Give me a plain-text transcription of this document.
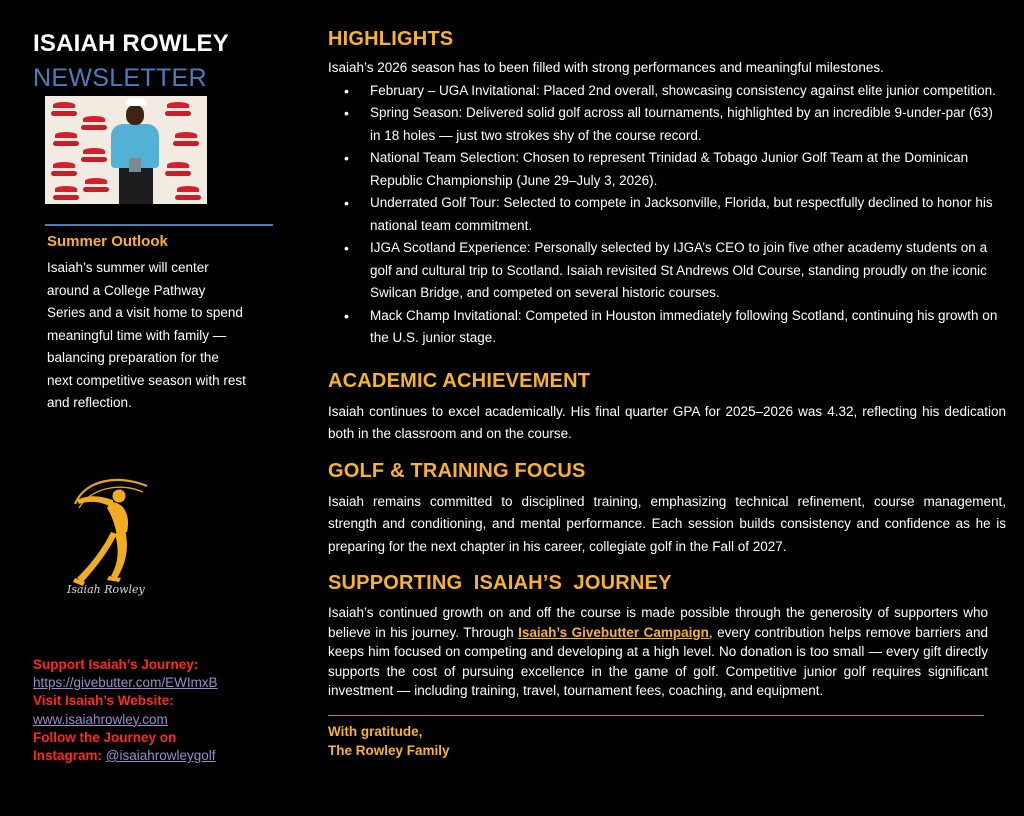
ISAIAH ROWLEY
NEWSLETTER
Summer Outlook
Isaiah’s summer will center around a College Pathway Series and a visit home to spend meaningful time with family — balancing preparation for the next competitive season with rest and reflection.
Isaiah Rowley
Support Isaiah’s Journey:
https://givebutter.com/EWImxB
Visit Isaiah’s Website:
www.isaiahrowley.com
Follow the Journey on
Instagram: @isaiahrowleygolf
HIGHLIGHTS
Isaiah’s 2026 season has to been filled with strong performances and meaningful milestones.
• February – UGA Invitational: Placed 2nd overall, showcasing consistency against elite junior competition.
• Spring Season: Delivered solid golf across all tournaments, highlighted by an incredible 9-under-par (63) in 18 holes — just two strokes shy of the course record.
• National Team Selection: Chosen to represent Trinidad & Tobago Junior Golf Team at the Dominican Republic Championship (June 29–July 3, 2026).
• Underrated Golf Tour: Selected to compete in Jacksonville, Florida, but respectfully declined to honor his national team commitment.
• IJGA Scotland Experience: Personally selected by IJGA’s CEO to join five other academy students on a golf and cultural trip to Scotland. Isaiah revisited St Andrews Old Course, standing proudly on the iconic Swilcan Bridge, and competed on several historic courses.
• Mack Champ Invitational: Competed in Houston immediately following Scotland, continuing his growth on the U.S. junior stage.
ACADEMIC ACHIEVEMENT
Isaiah continues to excel academically. His final quarter GPA for 2025–2026 was 4.32, reflecting his dedication both in the classroom and on the course.
GOLF & TRAINING FOCUS
Isaiah remains committed to disciplined training, emphasizing technical refinement, course management, strength and conditioning, and mental performance. Each session builds consistency and confidence as he is preparing for the next chapter in his career, collegiate golf in the Fall of 2027.
SUPPORTING  ISAIAH’S  JOURNEY
Isaiah’s continued growth on and off the course is made possible through the generosity of supporters who believe in his journey. Through Isaiah’s Givebutter Campaign, every contribution helps remove barriers and keeps him focused on competing and developing at a high level. No donation is too small — every gift directly supports the cost of pursuing excellence in the game of golf. Competitive junior golf requires significant investment — including training, travel, tournament fees, coaching, and equipment.
With gratitude,
The Rowley Family
